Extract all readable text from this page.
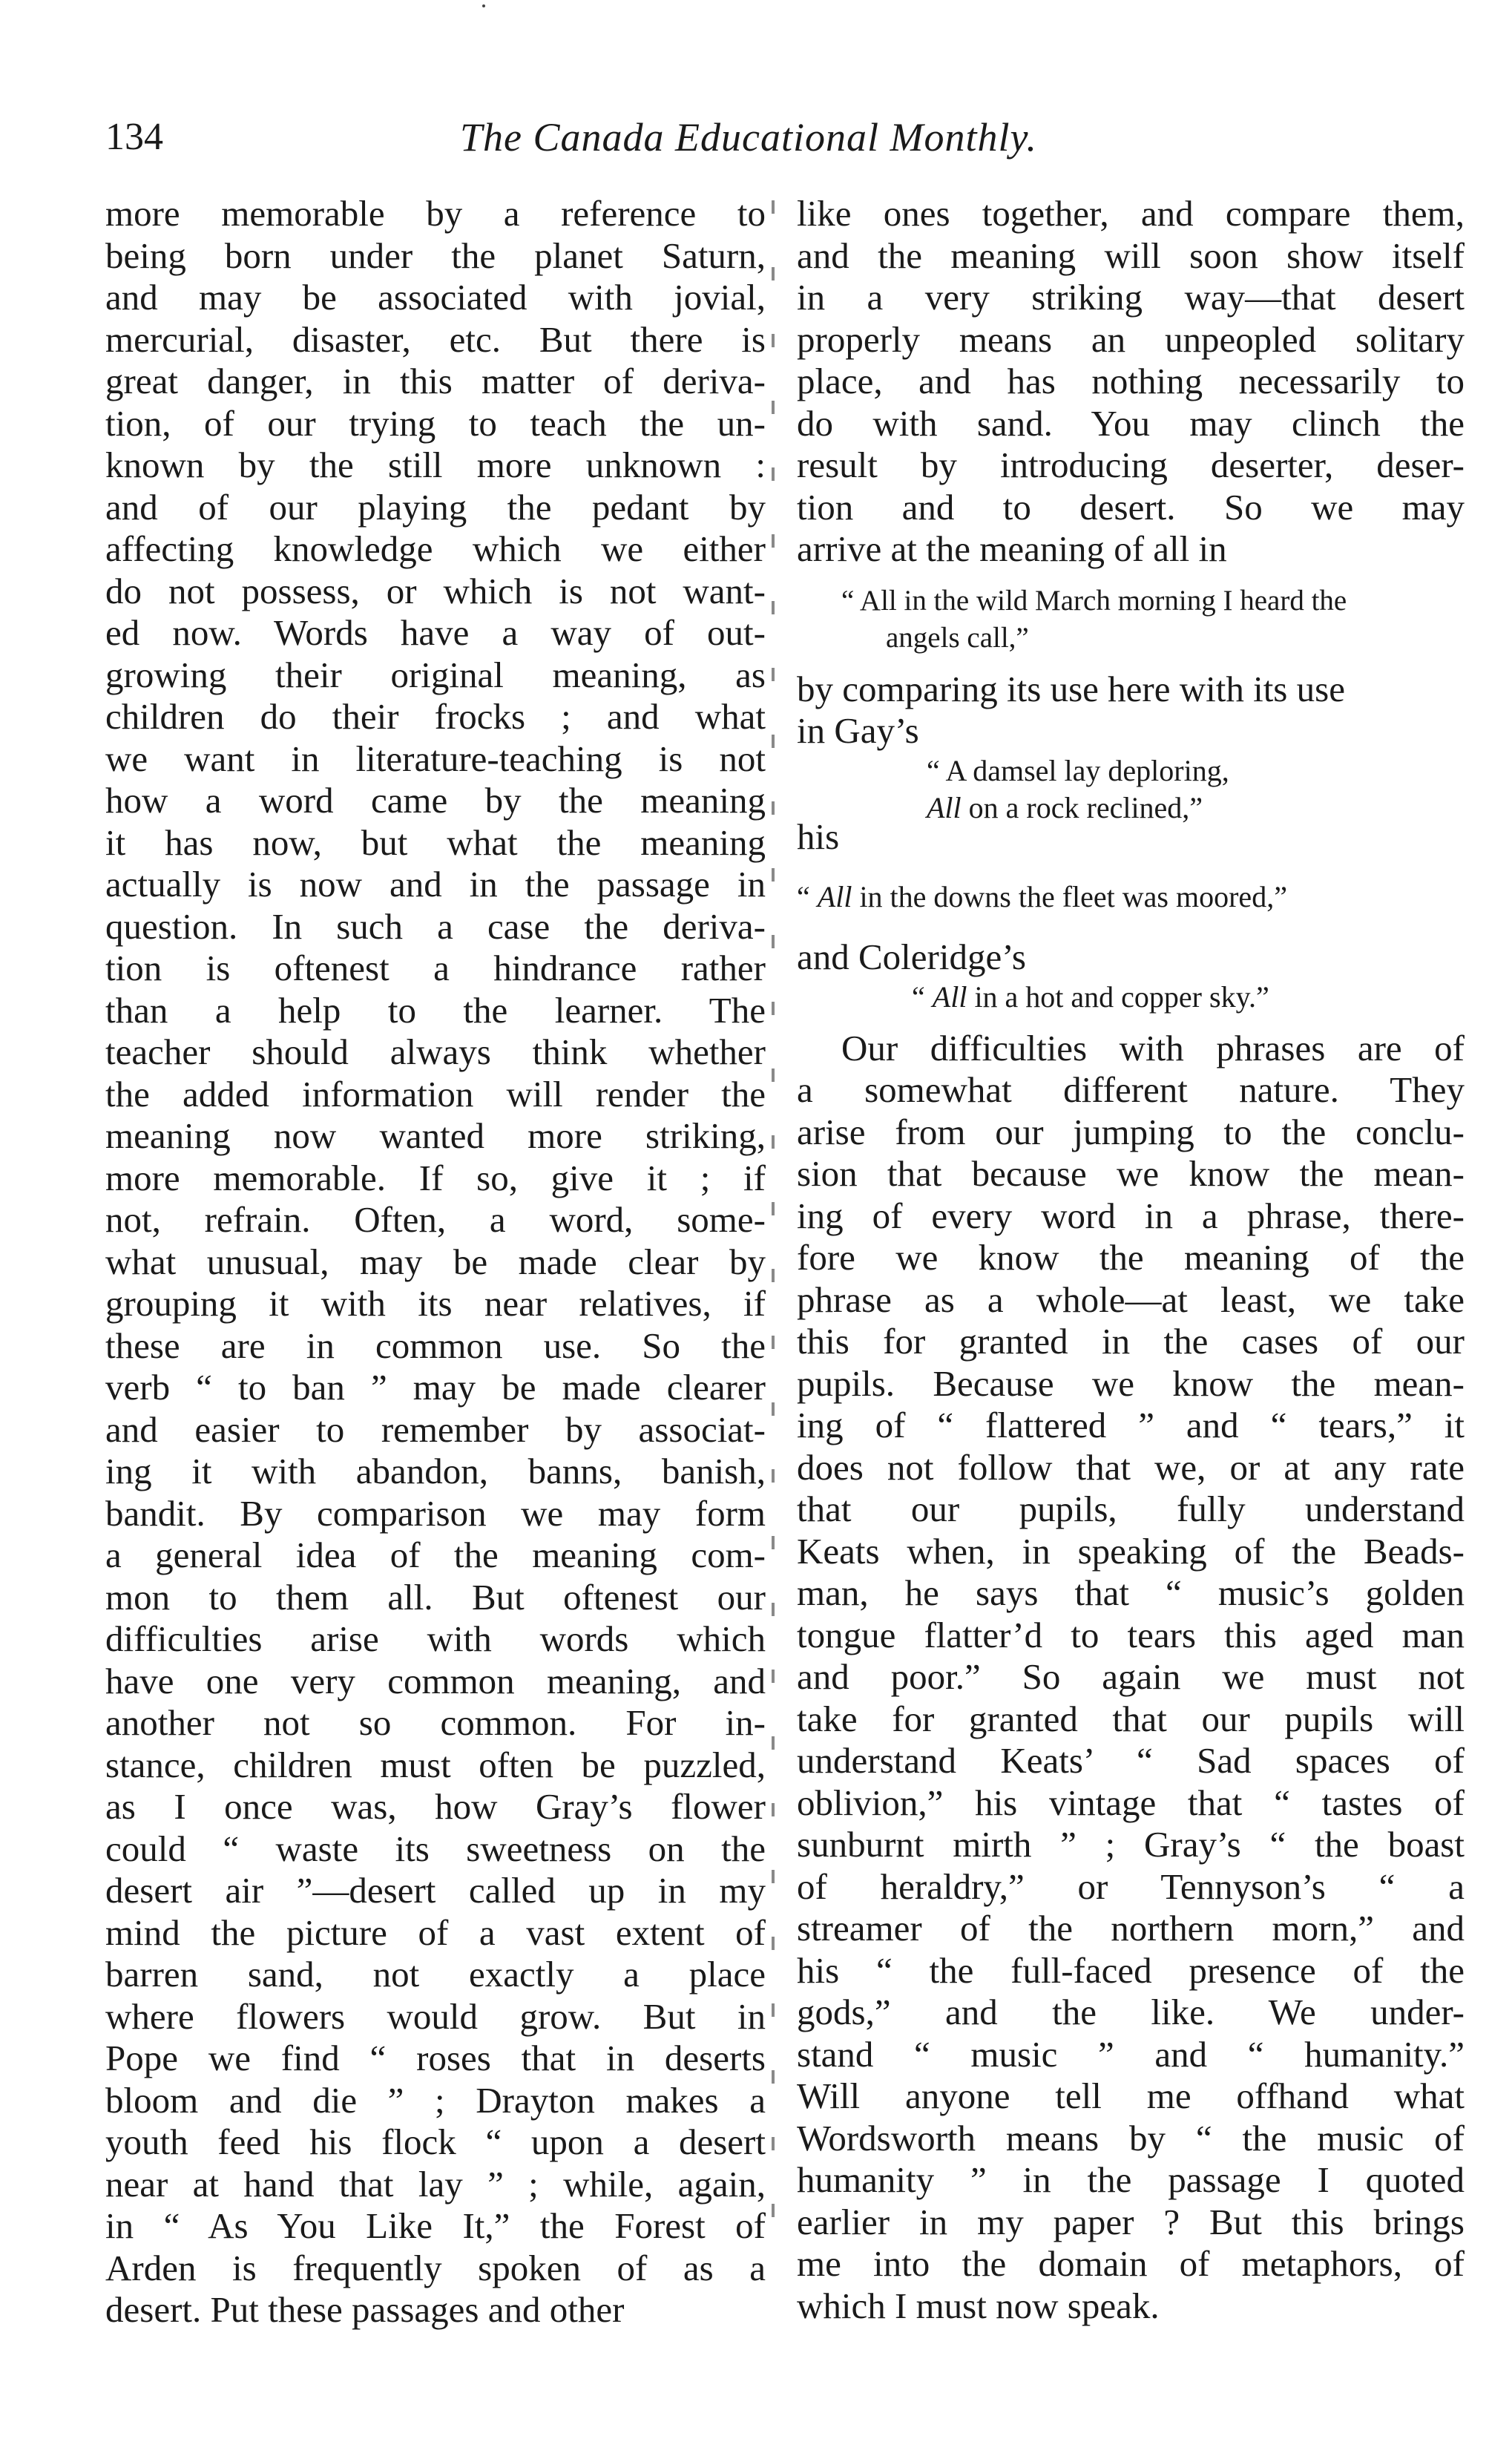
134	The Canada Educational Monthly.
more memorable by a reference to
being born under the planet Saturn,
and may be associated with jovial,
mercurial, disaster, etc. But there is
great danger, in this matter of deriva-
tion, of our trying to teach the un-
known by the still more unknown :
and of our playing the pedant by
affecting knowledge which we either
do not possess, or which is not want-
ed now. Words have a way of out-
growing their original meaning, as
children do their frocks ; and what
we want in literature-teaching is not
how a word came by the meaning
it has now, but what the meaning
actually is now and in the passage in
question. In such a case the deriva-
tion is oftenest a hindrance rather
than a help to the learner. The
teacher should always think whether
the added information will render the
meaning now wanted more striking,
more memorable. If so, give it ; if
not, refrain. Often, a word, some-
what unusual, may be made clear by
grouping it with its near relatives, if
these are in common use. So the
verb “ to ban ” may be made clearer
and easier to remember by associat-
ing it with abandon, banns, banish,
bandit. By comparison we may form
a general idea of the meaning com-
mon to them all. But oftenest our
difficulties arise with words which
have one very common meaning, and
another not so common. For in-
stance, children must often be puzzled,
as I once was, how Gray’s flower
could “ waste its sweetness on the
desert air ”—desert called up in my
mind the picture of a vast extent of
barren sand, not exactly a place
where flowers would grow. But in
Pope we find “ roses that in deserts
bloom and die ” ; Drayton makes a
youth feed his flock “ upon a desert
near at hand that lay ” ; while, again,
in “ As You Like It,” the Forest of
Arden is frequently spoken of as a
desert. Put these passages and other
like ones together, and compare them,
and the meaning will soon show itself
in a very striking way—that desert
properly means an unpeopled solitary
place, and has nothing necessarily to
do with sand. You may clinch the
result by introducing deserter, deser-
tion and to desert. So we may
arrive at the meaning of all in
“ All in the wild March morning I heard the
angels call,”
by comparing its use here with its use
in Gay’s
“ A damsel lay deploring,
All on a rock reclined,”
his
“ All in the downs the fleet was moored,”
and Coleridge’s
“ All in a hot and copper sky.”
Our difficulties with phrases are of
a somewhat different nature. They
arise from our jumping to the conclu-
sion that because we know the mean-
ing of every word in a phrase, there-
fore we know the meaning of the
phrase as a whole—at least, we take
this for granted in the cases of our
pupils. Because we know the mean-
ing of “ flattered ” and “ tears,” it
does not follow that we, or at any rate
that our pupils, fully understand
Keats when, in speaking of the Beads-
man, he says that “ music’s golden
tongue flatter’d to tears this aged man
and poor.” So again we must not
take for granted that our pupils will
understand Keats’ “ Sad spaces of
oblivion,” his vintage that “ tastes of
sunburnt mirth ” ; Gray’s “ the boast
of heraldry,” or Tennyson’s “ a
streamer of the northern morn,” and
his “ the full-faced presence of the
gods,” and the like. We under-
stand “ music ” and “ humanity.”
Will anyone tell me offhand what
Wordsworth means by “ the music of
humanity ” in the passage I quoted
earlier in my paper ? But this brings
me into the domain of metaphors, of
which I must now speak.
